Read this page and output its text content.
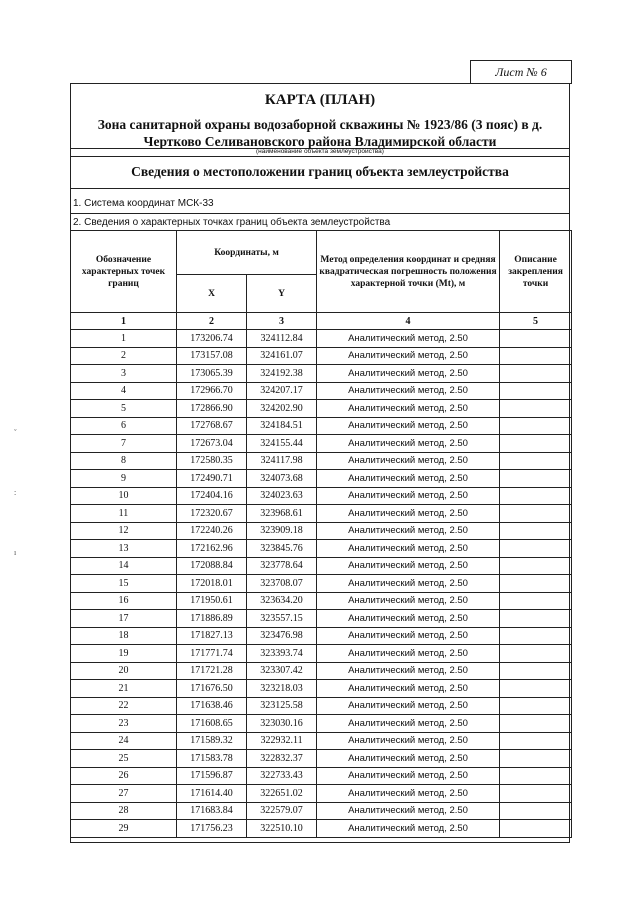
Лист № 6
ˇ
:
ı
КАРТА (ПЛАН)
Зона санитарной охраны водозаборной скважины № 1923/86 (3 пояс) в д.
Чертково Селивановского района Владимирской области
(наименование объекта землеустройства)
Сведения о местоположении границ объекта землеустройства
1. Система координат МСК-33
2. Сведения о характерных точках границ объекта землеустройства
Обозначение характерных точек границ	Координаты, м		Метод определения координат и средняя квадратическая погрешность положения характерной точки (Mt), м	Описание закрепления точки
	X	Y		
1	2	3	4	5
1	173206.74	324112.84	Аналитический метод, 2.50	
2	173157.08	324161.07	Аналитический метод, 2.50	
3	173065.39	324192.38	Аналитический метод, 2.50	
4	172966.70	324207.17	Аналитический метод, 2.50	
5	172866.90	324202.90	Аналитический метод, 2.50	
6	172768.67	324184.51	Аналитический метод, 2.50	
7	172673.04	324155.44	Аналитический метод, 2.50	
8	172580.35	324117.98	Аналитический метод, 2.50	
9	172490.71	324073.68	Аналитический метод, 2.50	
10	172404.16	324023.63	Аналитический метод, 2.50	
11	172320.67	323968.61	Аналитический метод, 2.50	
12	172240.26	323909.18	Аналитический метод, 2.50	
13	172162.96	323845.76	Аналитический метод, 2.50	
14	172088.84	323778.64	Аналитический метод, 2.50	
15	172018.01	323708.07	Аналитический метод, 2.50	
16	171950.61	323634.20	Аналитический метод, 2.50	
17	171886.89	323557.15	Аналитический метод, 2.50	
18	171827.13	323476.98	Аналитический метод, 2.50	
19	171771.74	323393.74	Аналитический метод, 2.50	
20	171721.28	323307.42	Аналитический метод, 2.50	
21	171676.50	323218.03	Аналитический метод, 2.50	
22	171638.46	323125.58	Аналитический метод, 2.50	
23	171608.65	323030.16	Аналитический метод, 2.50	
24	171589.32	322932.11	Аналитический метод, 2.50	
25	171583.78	322832.37	Аналитический метод, 2.50	
26	171596.87	322733.43	Аналитический метод, 2.50	
27	171614.40	322651.02	Аналитический метод, 2.50	
28	171683.84	322579.07	Аналитический метод, 2.50	
29	171756.23	322510.10	Аналитический метод, 2.50	
